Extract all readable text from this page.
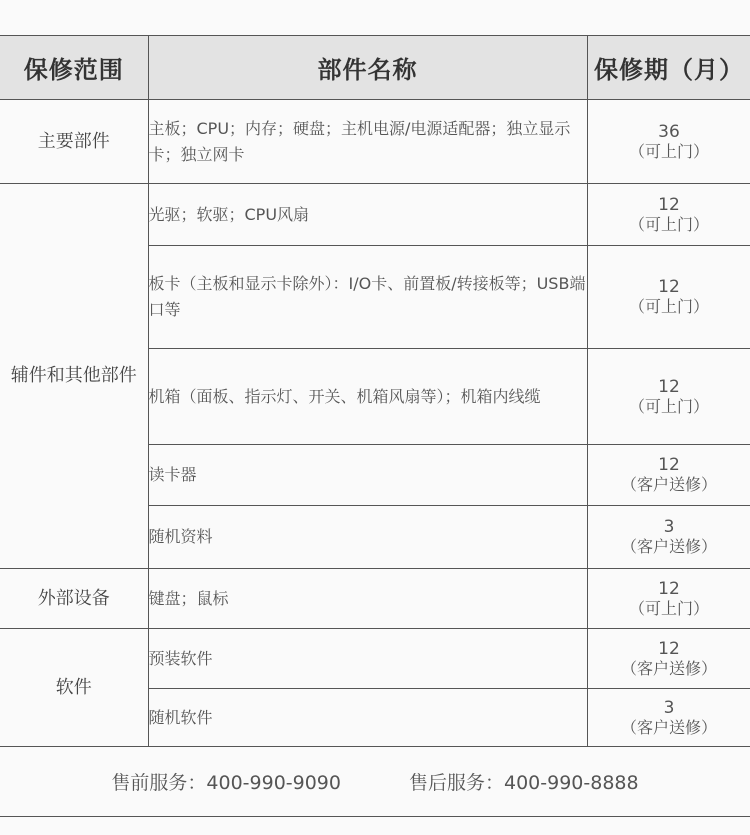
保修范围	部件名称	保修期（月）
主要部件	主板；CPU；内存；硬盘；主机电源/电源适配器；独立显示卡；独立网卡	36
（可上门）

辅件和其他部件	光驱；软驱；CPU风扇	12
（可上门）

	板卡（主板和显示卡除外）：I/O卡、前置板/转接板等；USB端口等	12
（可上门）

	机箱（面板、指示灯、开关、机箱风扇等）；机箱内线缆	12
（可上门）

	读卡器	12
（客户送修）

	随机资料	3
（客户送修）

外部设备	键盘；鼠标	12
（可上门）

软件	预装软件	12
（客户送修）

	随机软件	3
（客户送修）
售前服务：400-990-9090	售后服务：400-990-8888
